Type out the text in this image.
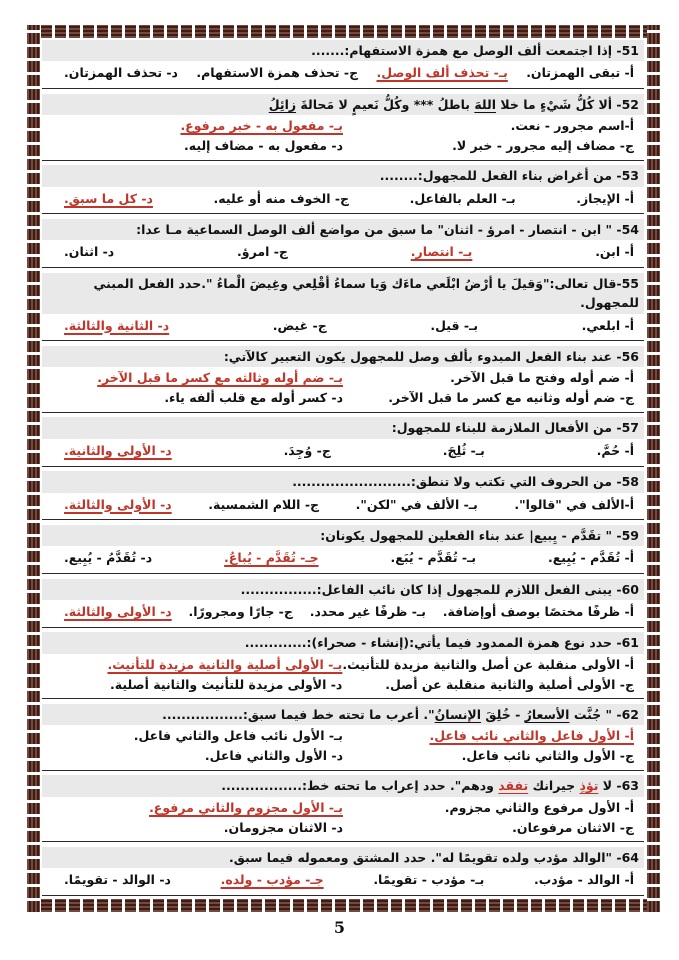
51- إذا اجتمعت ألف الوصل مع همزة الاستفهام:.......
أ- تبقى الهمزتان.
بـ- تحذف ألف الوصل.
ج- تحذف همزة الاستفهام.
د- تحذف الهمزتان.
52- ألا كُلُّ شَيْءٍ ما خلا اللهَ باطلُ *** وكُلُّ نَعيمٍ لا مَحالةَ زائِلُ
أ-اسم مجرور - نعت.
بـ- مفعول به - خبر مرفوع.
ج- مضاف إليه مجرور - خبر لا.
د- مفعول به - مضاف إليه.
53- من أغراض بناء الفعل للمجهول:........
أ- الإيجاز.
بـ- العلم بالفاعل.
ج- الخوف منه أو عليه.
د- كل ما سبق.
54- " ابن - انتصار - امرؤ - اثنان" ما سبق من مواضع ألف الوصل السماعية مـا عدا:
أ- ابن.
بـ- انتصار.
ج- امرؤ.
د- اثنان.
55-قال تعالى:"وَقيلَ يا أرْضُ ابْلَعي ماءَك وَيا سماءُ أقْلِعي وغِيضَ الْماءُ ".حدد الفعل المبني للمجهول.
أ- ابلعي.
بـ- قيل.
ج- غيض.
د- الثانية والثالثة.
56- عند بناء الفعل المبدوء بألف وصل للمجهول يكون التعبير كالآتي:
أ- ضم أوله وفتح ما قبل الآخر.
بـ- ضم أوله وثالثه مع كسر ما قبل الآخر.
ج- ضم أوله وثانيه مع كسر ما قبل الآخر.
د- كسر أوله مع قلب ألفه ياء.
57- من الأفعال الملازمة للبناء للمجهول:
أ- حُمَّ.
بـ- ثُلِجَ.
ج- وُجِدَ.
د- الأولى والثانية.
58- من الحروف التي تكتب ولا تنطق:.........................
أ-الألف في "قالوا".
بـ- الألف في "لكن".
ج- اللام الشمسية.
د- الأولى والثالثة.
59- " تقَدَّم - يِبيع| عند بناء الفعلين للمجهول يكونان:
أ- تُقَدَّم - يُبِيع.
بـ- تُقَدَّم - يُبَع.
جـ- تُقَدَّم - يُباعُ.
د- تُقَدَّمُ - يُبِيع.
60- يبنى الفعل اللازم للمجهول إذا كان نائب الفاعل:................
أ- ظرفًا مختصًا بوصف أوإضافة.
بـ- ظرفًا غير محدد.
ج- جارًا ومجرورًا.
د- الأولى والثالثة.
61- حدد نوع همزة الممدود فيما يأتي:(إنشاء - صحراء):.............
أ- الأولى منقلبة عن أصل والثانية مزيدة للتأنيث.
بـ- الأولى أصلية والثانية مزيدة للتأنيث.
ج- الأولى أصلية والثانية منقلبة عن أصل.
د- الأولى مزيدة للتأنيث والثانية أصلية.
62- " جُنَّت الأسعارُ - خُلِقَ الإنسانُ". أعرب ما تحته خط فيما سبق:.................
أ- الأول فاعل والثاني نائب فاعل.
بـ- الأول نائب فاعل والثاني فاعل.
ج- الأول والثاني نائب فاعل.
د- الأول والثاني فاعل.
63- لا تؤذِ جيرانك تفقد ودهم". حدد إعراب ما تحته خط:.................
أ- الأول مرفوع والثاني مجزوم.
بـ- الأول مجزوم والثاني مرفوع.
ج- الاثنان مرفوعان.
د- الاثنان مجزومان.
64- "الوالد مؤدب ولده تقويمًا له". حدد المشتق ومعموله فيما سبق.
أ- الوالد - مؤدب.
بـ- مؤدب - تقويمًا.
جـ- مؤدب - ولده.
د- الوالد - تقويمًا.
5
